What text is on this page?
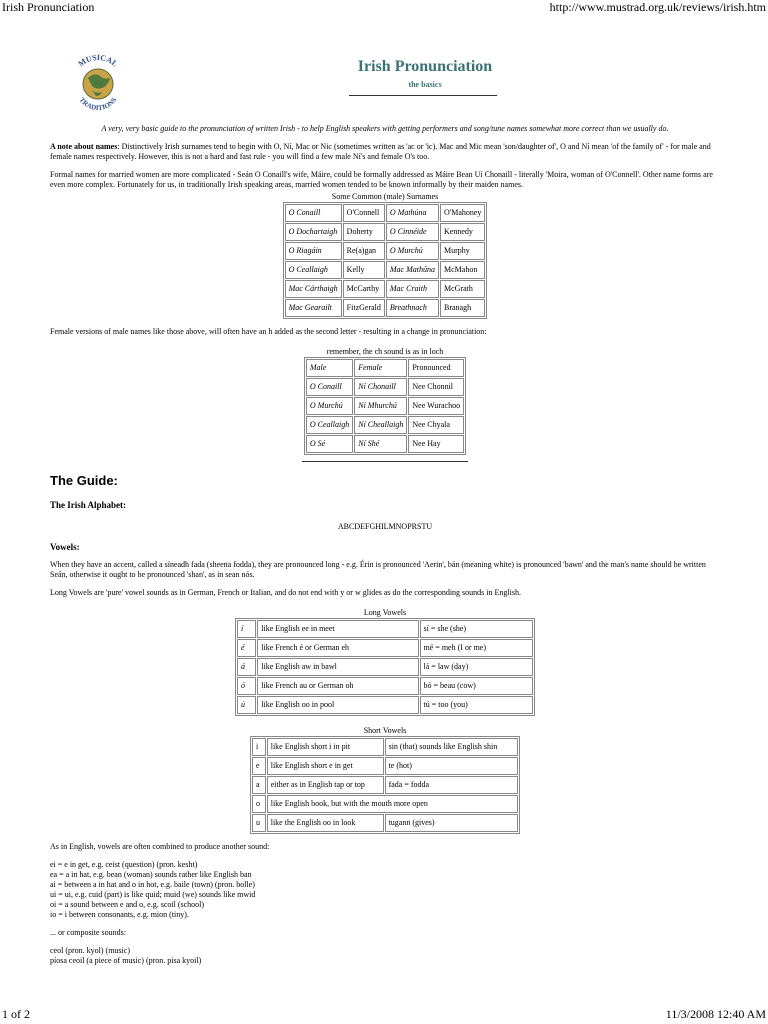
Irish Pronunciation	http://www.mustrad.org.uk/reviews/irish.htm
MUSICAL
TRADITIONS
Irish Pronunciation
the basics

A very, very basic guide to the pronunciation of written Irish - to help English speakers with getting performers and song/tune names somewhat more correct than we usually do.

A note about names: Distinctively Irish surnames tend to begin with O, Ní, Mac or Nic (sometimes written as 'ac or 'ic). Mac and Mic mean 'son/daughter of', O and Ní mean 'of the family of' - for male and female names respectively. However, this is not a hard and fast rule - you will find a few male Ní's and female O's too.

Formal names for married women are more complicated - Seán O Conaill's wife, Máire, could be formally addressed as Máire Bean Uí Chonaill - literally 'Moira, woman of O'Connell'. Other name forms are even more complex. Fortunately for us, in traditionally Irish speaking areas, married women tended to be known informally by their maiden names.

Some Common (male) Surnames
O Conaill	O'Connell	O Mathúna	O'Mahoney
O Dochartaigh	Doherty	O Cinnéide	Kennedy
O Riagáin	Re(a)gan	O Murchú	Murphy
O Ceallaigh	Kelly	Mac Mathúna	McMahon
Mac Cárthaigh	McCarthy	Mac Craith	McGrath
Mac Gearailt	FitzGerald	Breathnach	Branagh

Female versions of male names like those above, will often have an h added as the second letter - resulting in a change in pronunciation:

remember, the ch sound is as in loch
Male	Female	Pronounced
O Conaill	Ní Chonaill	Nee Chonnil
O Murchú	Ní Mhurchú	Nee Wurachoo
O Ceallaigh	Ní Cheallaigh	Nee Chyala
O Sé	Ní Shé	Nee Hay
The Guide:
The Irish Alphabet:
ABCDEFGHILMNOPRSTU
Vowels:

When they have an accent, called a síneadh fada (sheena fodda), they are pronounced long - e.g. Érin is pronounced 'Aerin', bán (meaning white) is pronounced 'bawn' and the man's name should be written Seán, otherwise it ought to be pronounced 'shan', as in sean nós.

Long Vowels are 'pure' vowel sounds as in German, French or Italian, and do not end with y or w glides as do the corresponding sounds in English.

Long Vowels
í	like English ee in meet	sí = she (she)
é	like French é or German eh	mé = meh (I or me)
á	like English aw in bawl	lá = law (day)
ó	like French au or German oh	bó = beau (cow)
ú	like English oo in pool	tú = too (you)
Short Vowels
i	like English short i in pit	sin (that) sounds like English shin
e	like English short e in get	te (hot)
a	either as in English tap or top	fada = fodda
o	like English book, but with the mouth more open	
u	like the English oo in look	tugann (gives)

As in English, vowels are often combined to produce another sound:

ei = e in get, e.g. ceist (question) (pron. kesht)

ea = a in hat, e.g. bean (woman) sounds rather like English ban

ai = between a in hat and o in hot, e.g. baile (town) (pron. bolle)

ui = ui, e.g. cuid (part) is like quid; muid (we) sounds like mwid

oi = a sound between e and o, e.g. scoil (school)

io = i between consonants, e.g. mion (tiny).

... or composite sounds:

ceol (pron. kyol) (music)

píosa ceoil (a piece of music) (pron. pisa kyoil)

1 of 2	11/3/2008 12:40 AM
